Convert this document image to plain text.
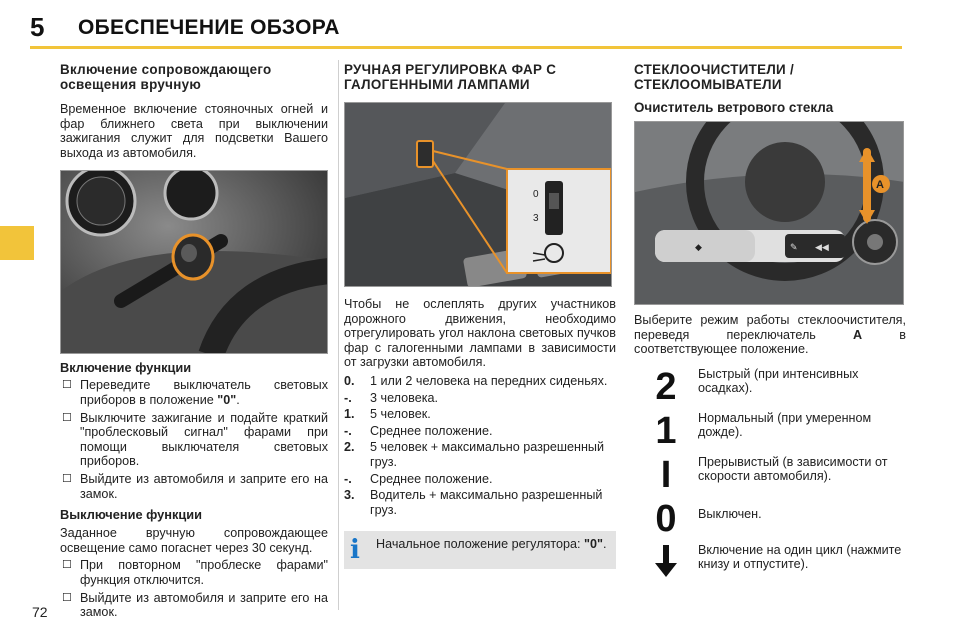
5 ОБЕСПЕЧЕНИЕ ОБЗОРА
72
Включение сопровождающего освещения вручную

Временное включение стояночных огней и фар ближнего света при выключении зажигания служит для подсветки Вашего выхода из автомобиля.

Включение функции
☐ Переведите выключатель световых приборов в положение "0".
☐ Выключите зажигание и подайте краткий "проблесковый сигнал" фарами при помощи выключателя световых приборов.
☐ Выйдите из автомобиля и заприте его на замок.
Выключение функции

Заданное вручную сопровождающее освещение само погаснет через 30 секунд.

☐ При повторном "проблеске фарами" функция отключится.
☐ Выйдите из автомобиля и заприте его на замок.
РУЧНАЯ РЕГУЛИРОВКА ФАР С ГАЛОГЕННЫМИ ЛАМПАМИ
0
3

Чтобы не ослеплять других участников дорожного движения, необходимо отрегулировать угол наклона световых пучков фар с галогенными лампами в зависимости от загрузки автомобиля.

0.	1 или 2 человека на передних сиденьях.
-.	3 человека.
1.	5 человек.
-.	Среднее положение.
2.	5 человек + максимально разрешенный груз.
-.	Среднее положение.
3.	Водитель + максимально разрешенный груз.
i	Начальное положение регулятора: "0".
СТЕКЛООЧИСТИТЕЛИ / СТЕКЛООМЫВАТЕЛИ
Очиститель ветрового стекла
◆	✎ ◀◀
A

Выберите режим работы стеклоочистителя, переведя переключатель A в соответствующее положение.

2 Быстрый (при интенсивных осадках).
1 Нормальный (при умеренном дожде).
I Прерывистый (в зависимости от скорости автомобиля).
0 Выключен.
Включение на один цикл (нажмите книзу и отпустите).
